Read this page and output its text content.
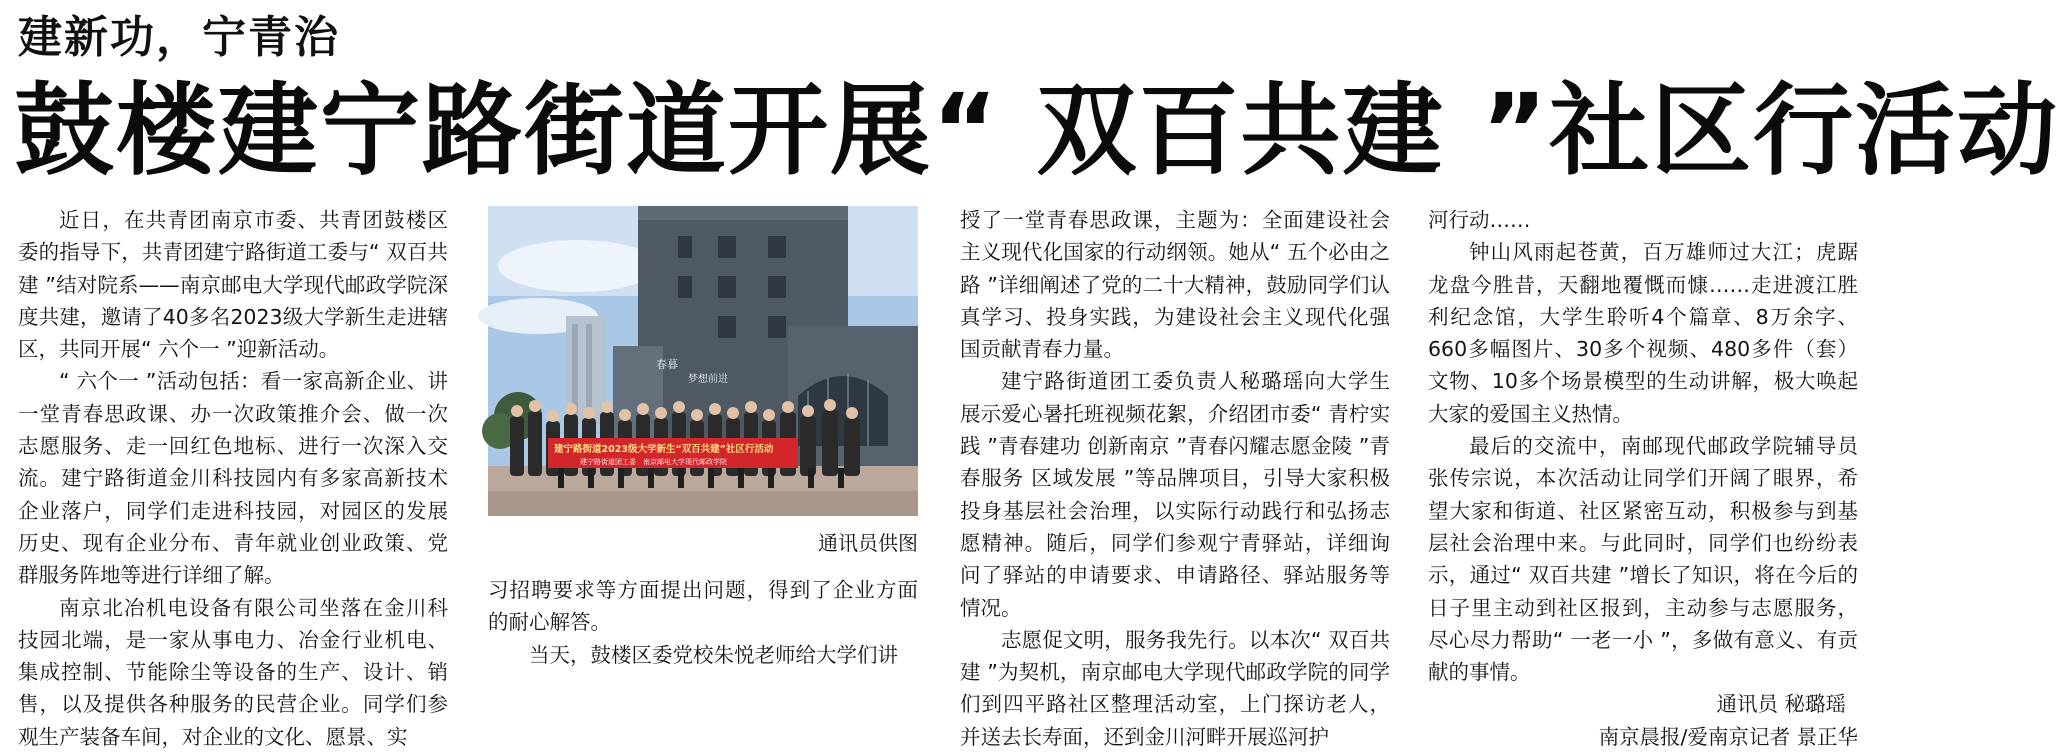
建新功，宁青治
鼓楼建宁路街道开展“ 双百共建 ”社区行活动

近日，在共青团南京市委、共青团鼓楼区委的指导下，共青团建宁路街道工委与“ 双百共建 ”结对院系——南京邮电大学现代邮政学院深度共建，邀请了40多名2023级大学新生走进辖区，共同开展“ 六个一 ”迎新活动。

“ 六个一 ”活动包括：看一家高新企业、讲一堂青春思政课、办一次政策推介会、做一次志愿服务、走一回红色地标、进行一次深入交流。建宁路街道金川科技园内有多家高新技术企业落户，同学们走进科技园，对园区的发展历史、现有企业分布、青年就业创业政策、党群服务阵地等进行详细了解。

南京北冶机电设备有限公司坐落在金川科技园北端，是一家从事电力、冶金行业机电、集成控制、节能除尘等设备的生产、设计、销售，以及提供各种服务的民营企业。同学们参观生产装备车间，对企业的文化、愿景、实

春暮
梦想前进
建宁路街道2023级大学新生“双百共建”社区行活动
建宁路街道团工委　南京邮电大学现代邮政学院
通讯员供图

习招聘要求等方面提出问题，得到了企业方面的耐心解答。

当天，鼓楼区委党校朱悦老师给大学们讲

授了一堂青春思政课，主题为：全面建设社会主义现代化国家的行动纲领。她从“ 五个必由之路 ”详细阐述了党的二十大精神，鼓励同学们认真学习、投身实践，为建设社会主义现代化强国贡献青春力量。

建宁路街道团工委负责人秘璐瑶向大学生展示爱心暑托班视频花絮，介绍团市委“ 青柠实践 ”青春建功 创新南京 ”青春闪耀志愿金陵 ”青春服务 区域发展 ”等品牌项目，引导大家积极投身基层社会治理，以实际行动践行和弘扬志愿精神。随后，同学们参观宁青驿站，详细询问了驿站的申请要求、申请路径、驿站服务等情况。

志愿促文明，服务我先行。以本次“ 双百共建 ”为契机，南京邮电大学现代邮政学院的同学们到四平路社区整理活动室，上门探访老人，并送去长寿面，还到金川河畔开展巡河护

河行动……

钟山风雨起苍黄，百万雄师过大江；虎踞龙盘今胜昔，天翻地覆慨而慷……走进渡江胜利纪念馆，大学生聆听4个篇章、8万余字、660多幅图片、30多个视频、480多件（套）文物、10多个场景模型的生动讲解，极大唤起大家的爱国主义热情。

最后的交流中，南邮现代邮政学院辅导员张传宗说，本次活动让同学们开阔了眼界，希望大家和街道、社区紧密互动，积极参与到基层社会治理中来。与此同时，同学们也纷纷表示，通过“ 双百共建 ”增长了知识，将在今后的日子里主动到社区报到，主动参与志愿服务，尽心尽力帮助“ 一老一小 ”，多做有意义、有贡献的事情。

通讯员 秘璐瑶
南京晨报/爱南京记者 景正华
